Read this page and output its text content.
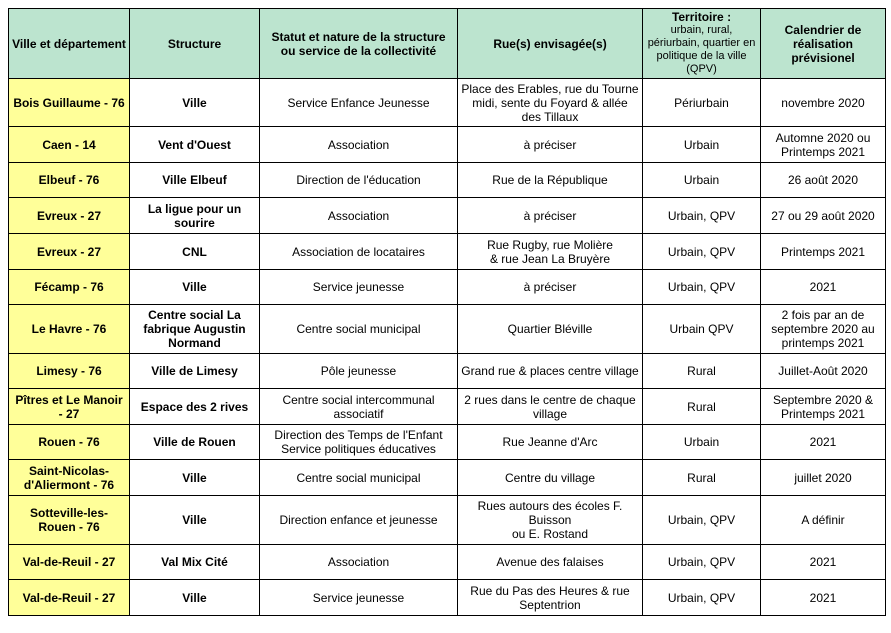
Ville et département	Structure	Statut et nature de la structure ou service de la collectivité	Rue(s) envisagée(s)	Territoire :
urbain, rural, périurbain, quartier en politique de la ville (QPV)	Calendrier de réalisation prévisionel
Bois Guillaume - 76	Ville	Service Enfance Jeunesse	Place des Erables, rue du Tourne midi, sente du Foyard & allée des Tillaux	Périurbain	novembre 2020
Caen - 14	Vent d'Ouest	Association	à préciser	Urbain	Automne 2020 ou
Printemps 2021
Elbeuf - 76	Ville Elbeuf	Direction de l'éducation	Rue de la République	Urbain	26 août 2020
Evreux - 27	La ligue pour un sourire	Association	à préciser	Urbain, QPV	27 ou 29 août 2020
Evreux - 27	CNL	Association de locataires	Rue Rugby, rue Molière
& rue Jean La Bruyère	Urbain, QPV	Printemps 2021
Fécamp - 76	Ville	Service jeunesse	à préciser	Urbain, QPV	2021
Le Havre - 76	Centre social La fabrique Augustin Normand	Centre social municipal	Quartier Bléville	Urbain QPV	2 fois par an de septembre 2020 au printemps 2021
Limesy - 76	Ville de Limesy	Pôle jeunesse	Grand rue & places centre village	Rural	Juillet-Août 2020
Pîtres et Le Manoir - 27	Espace des 2 rives	Centre social intercommunal associatif	2 rues dans le centre de chaque village	Rural	Septembre 2020 &
Printemps 2021
Rouen - 76	Ville de Rouen	Direction des Temps de l'Enfant
Service politiques éducatives	Rue Jeanne d'Arc	Urbain	2021
Saint-Nicolas-d'Aliermont - 76	Ville	Centre social municipal	Centre du village	Rural	juillet 2020
Sotteville-les-Rouen - 76	Ville	Direction enfance et jeunesse	Rues autours des écoles F. Buisson
ou E. Rostand	Urbain, QPV	A définir
Val-de-Reuil - 27	Val Mix Cité	Association	Avenue des falaises	Urbain, QPV	2021
Val-de-Reuil - 27	Ville	Service jeunesse	Rue du Pas des Heures & rue Septentrion	Urbain, QPV	2021
